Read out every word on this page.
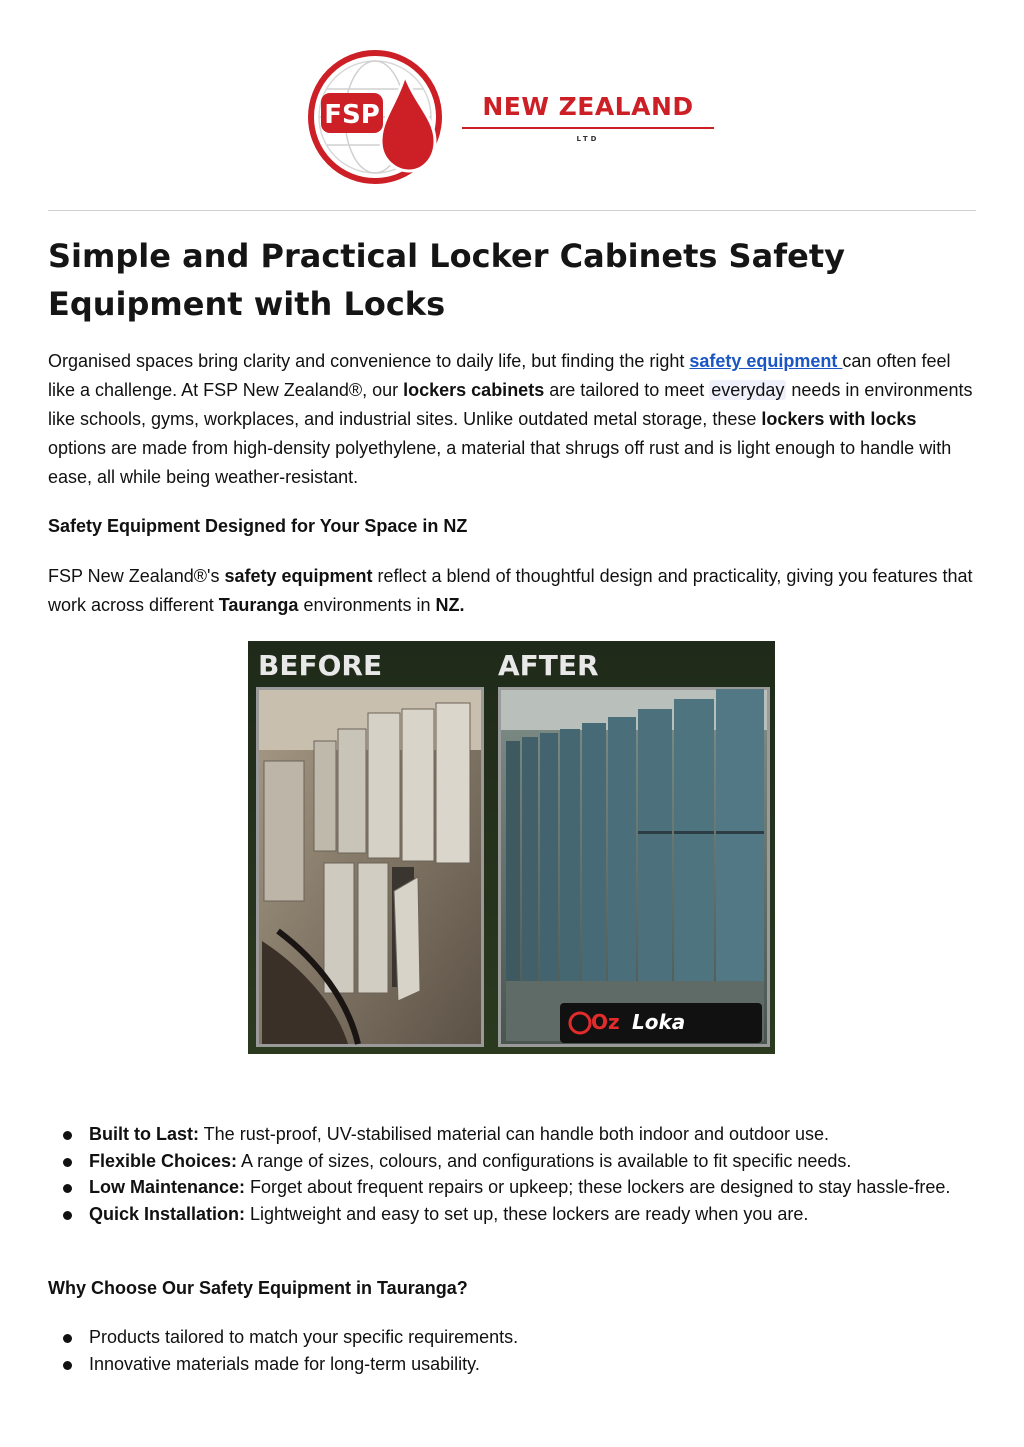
FSP	NEW ZEALAND
LTD
Simple and Practical Locker Cabinets Safety Equipment with Locks

Organised spaces bring clarity and convenience to daily life, but finding the right safety equipment can often feel like a challenge. At FSP New Zealand®, our lockers cabinets are tailored to meet everyday needs in environments like schools, gyms, workplaces, and industrial sites. Unlike outdated metal storage, these lockers with locks options are made from high-density polyethylene, a material that shrugs off rust and is light enough to handle with ease, all while being weather-resistant.

Safety Equipment Designed for Your Space in NZ

FSP New Zealand®'s safety equipment reflect a blend of thoughtful design and practicality, giving you features that work across different Tauranga environments in NZ.

BEFORE	AFTER
Oz Loka
Built to Last: The rust-proof, UV-stabilised material can handle both indoor and outdoor use.
Flexible Choices: A range of sizes, colours, and configurations is available to fit specific needs.
Low Maintenance: Forget about frequent repairs or upkeep; these lockers are designed to stay hassle-free.
Quick Installation: Lightweight and easy to set up, these lockers are ready when you are.
Why Choose Our Safety Equipment in Tauranga?
Products tailored to match your specific requirements.
Innovative materials made for long-term usability.
